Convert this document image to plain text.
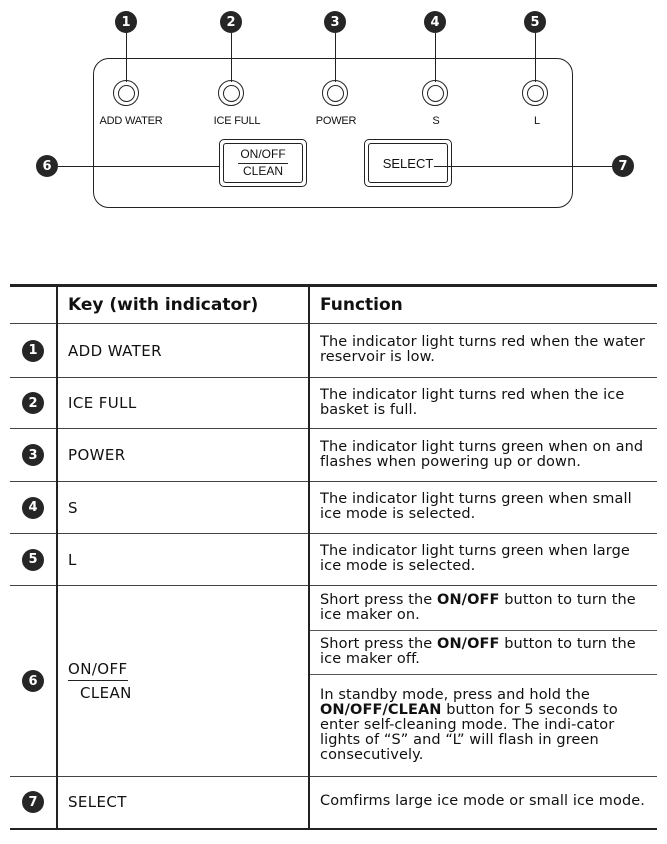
1	2	3	4	5
ADD WATER	ICE FULL	POWER	S	L
6
ON/OFF
CLEAN
SELECT	7
	Key (with indicator)	Function

1	ADD WATER	The indicator light turns red when the water reservoir is low.

2	ICE FULL	The indicator light turns red when the ice basket is full.

3	POWER	The indicator light turns green when on and flashes when powering up or down.

4	S	The indicator light turns green when small ice mode is selected.

5	L	The indicator light turns green when large ice mode is selected.

6	ON/OFF
CLEAN	Short press the ON/OFF button to turn the ice maker on.
		Short press the ON/OFF button to turn the ice maker off.
		In standby mode, press and hold the ON/OFF/CLEAN button for 5 seconds to enter self-cleaning mode. The indi-cator lights of “S” and “L” will flash in green consecutively.

7	SELECT	Comfirms large ice mode or small ice mode.
